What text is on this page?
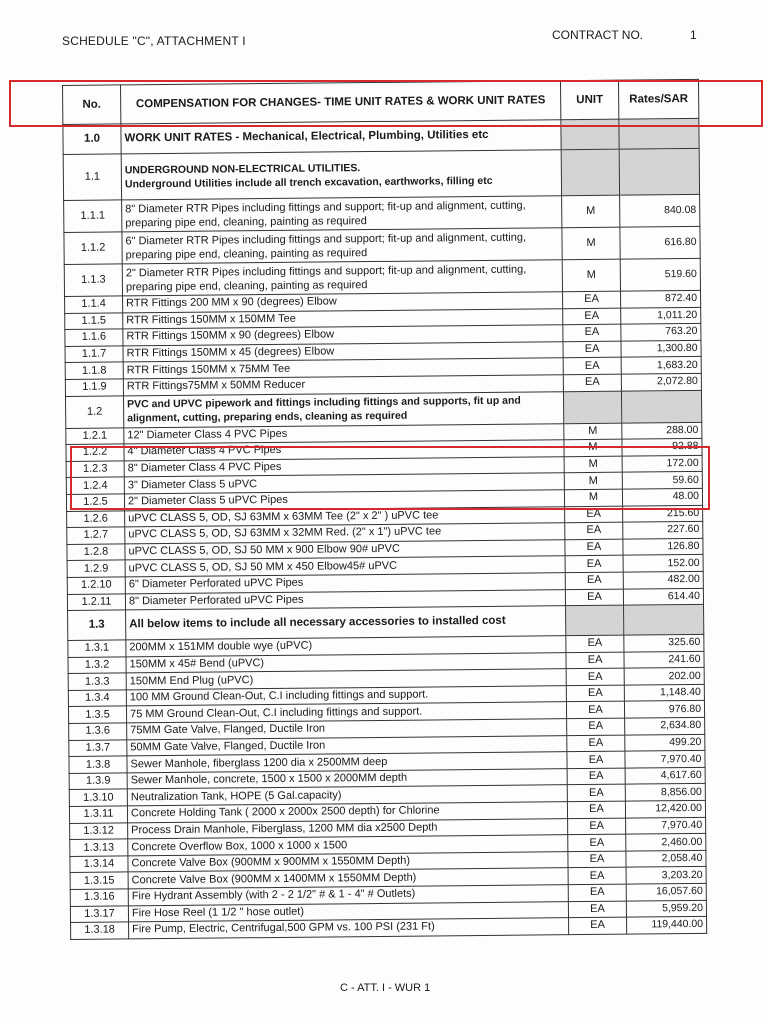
SCHEDULE "C", ATTACHMENT I	CONTRACT NO.	1
No.	COMPENSATION FOR CHANGES- TIME UNIT RATES & WORK UNIT RATES	UNIT	Rates/SAR
1.0	WORK UNIT RATES - Mechanical, Electrical, Plumbing, Utilities etc		
1.1	UNDERGROUND NON-ELECTRICAL UTILITIES.
Underground Utilities include all trench excavation, earthworks, filling etc		
1.1.1	8" Diameter RTR Pipes including fittings and support; fit-up and alignment, cutting, preparing pipe end, cleaning, painting as required	M	840.08
1.1.2	6" Diameter RTR Pipes including fittings and support; fit-up and alignment, cutting, preparing pipe end, cleaning, painting as required	M	616.80
1.1.3	2" Diameter RTR Pipes including fittings and support; fit-up and alignment, cutting, preparing pipe end, cleaning, painting as required	M	519.60
1.1.4	RTR Fittings 200 MM x 90 (degrees) Elbow	EA	872.40
1.1.5	RTR Fittings 150MM x 150MM Tee	EA	1,011.20
1.1.6	RTR Fittings 150MM x 90 (degrees) Elbow	EA	763.20
1.1.7	RTR Fittings 150MM x 45 (degrees) Elbow	EA	1,300.80
1.1.8	RTR Fittings 150MM x 75MM Tee	EA	1,683.20
1.1.9	RTR Fittings75MM x 50MM Reducer	EA	2,072.80
1.2	PVC and UPVC pipework and fittings including fittings and supports, fit up and alignment, cutting, preparing ends, cleaning as required		
1.2.1	12" Diameter Class 4 PVC Pipes	M	288.00
1.2.2	4" Diameter Class 4 PVC Pipes	M	92.88
1.2.3	8" Diameter Class 4 PVC Pipes	M	172.00
1.2.4	3" Diameter Class 5 uPVC	M	59.60
1.2.5	2" Diameter Class 5 uPVC Pipes	M	48.00
1.2.6	uPVC CLASS 5, OD, SJ 63MM x 63MM Tee (2" x 2" ) uPVC tee	EA	215.60
1.2.7	uPVC CLASS 5, OD, SJ 63MM x 32MM Red. (2" x 1") uPVC tee	EA	227.60
1.2.8	uPVC CLASS 5, OD, SJ 50 MM x 900 Elbow 90# uPVC	EA	126.80
1.2.9	uPVC CLASS 5, OD, SJ 50 MM x 450 Elbow45# uPVC	EA	152.00
1.2.10	6" Diameter Perforated uPVC Pipes	EA	482.00
1.2.11	8" Diameter Perforated uPVC Pipes	EA	614.40
1.3	All below items to include all necessary accessories to installed cost		
1.3.1	200MM x 151MM double wye (uPVC)	EA	325.60
1.3.2	150MM x 45# Bend (uPVC)	EA	241.60
1.3.3	150MM End Plug (uPVC)	EA	202.00
1.3.4	100 MM Ground Clean-Out, C.I including fittings and support.	EA	1,148.40
1.3.5	75 MM Ground Clean-Out, C.I including fittings and support.	EA	976.80
1.3.6	75MM Gate Valve, Flanged, Ductile Iron	EA	2,634.80
1.3.7	50MM Gate Valve, Flanged, Ductile Iron	EA	499.20
1.3.8	Sewer Manhole, fiberglass 1200 dia x 2500MM deep	EA	7,970.40
1.3.9	Sewer Manhole, concrete, 1500 x 1500 x 2000MM depth	EA	4,617.60
1.3.10	Neutralization Tank, HOPE (5 Gal.capacity)	EA	8,856.00
1.3.11	Concrete Holding Tank ( 2000 x 2000x 2500 depth) for Chlorine	EA	12,420.00
1.3.12	Process Drain Manhole, Fiberglass, 1200 MM dia x2500 Depth	EA	7,970.40
1.3.13	Concrete Overflow Box, 1000 x 1000 x 1500	EA	2,460.00
1.3.14	Concrete Valve Box (900MM x 900MM x 1550MM Depth)	EA	2,058.40
1.3.15	Concrete Valve Box (900MM x 1400MM x 1550MM Depth)	EA	3,203.20
1.3.16	Fire Hydrant Assembly (with 2 - 2 1/2" # & 1 - 4" # Outlets)	EA	16,057.60
1.3.17	Fire Hose Reel (1 1/2 " hose outlet)	EA	5,959.20
1.3.18	Fire Pump, Electric, Centrifugal,500 GPM vs. 100 PSI (231 Ft)	EA	119,440.00
C - ATT. I - WUR 1
